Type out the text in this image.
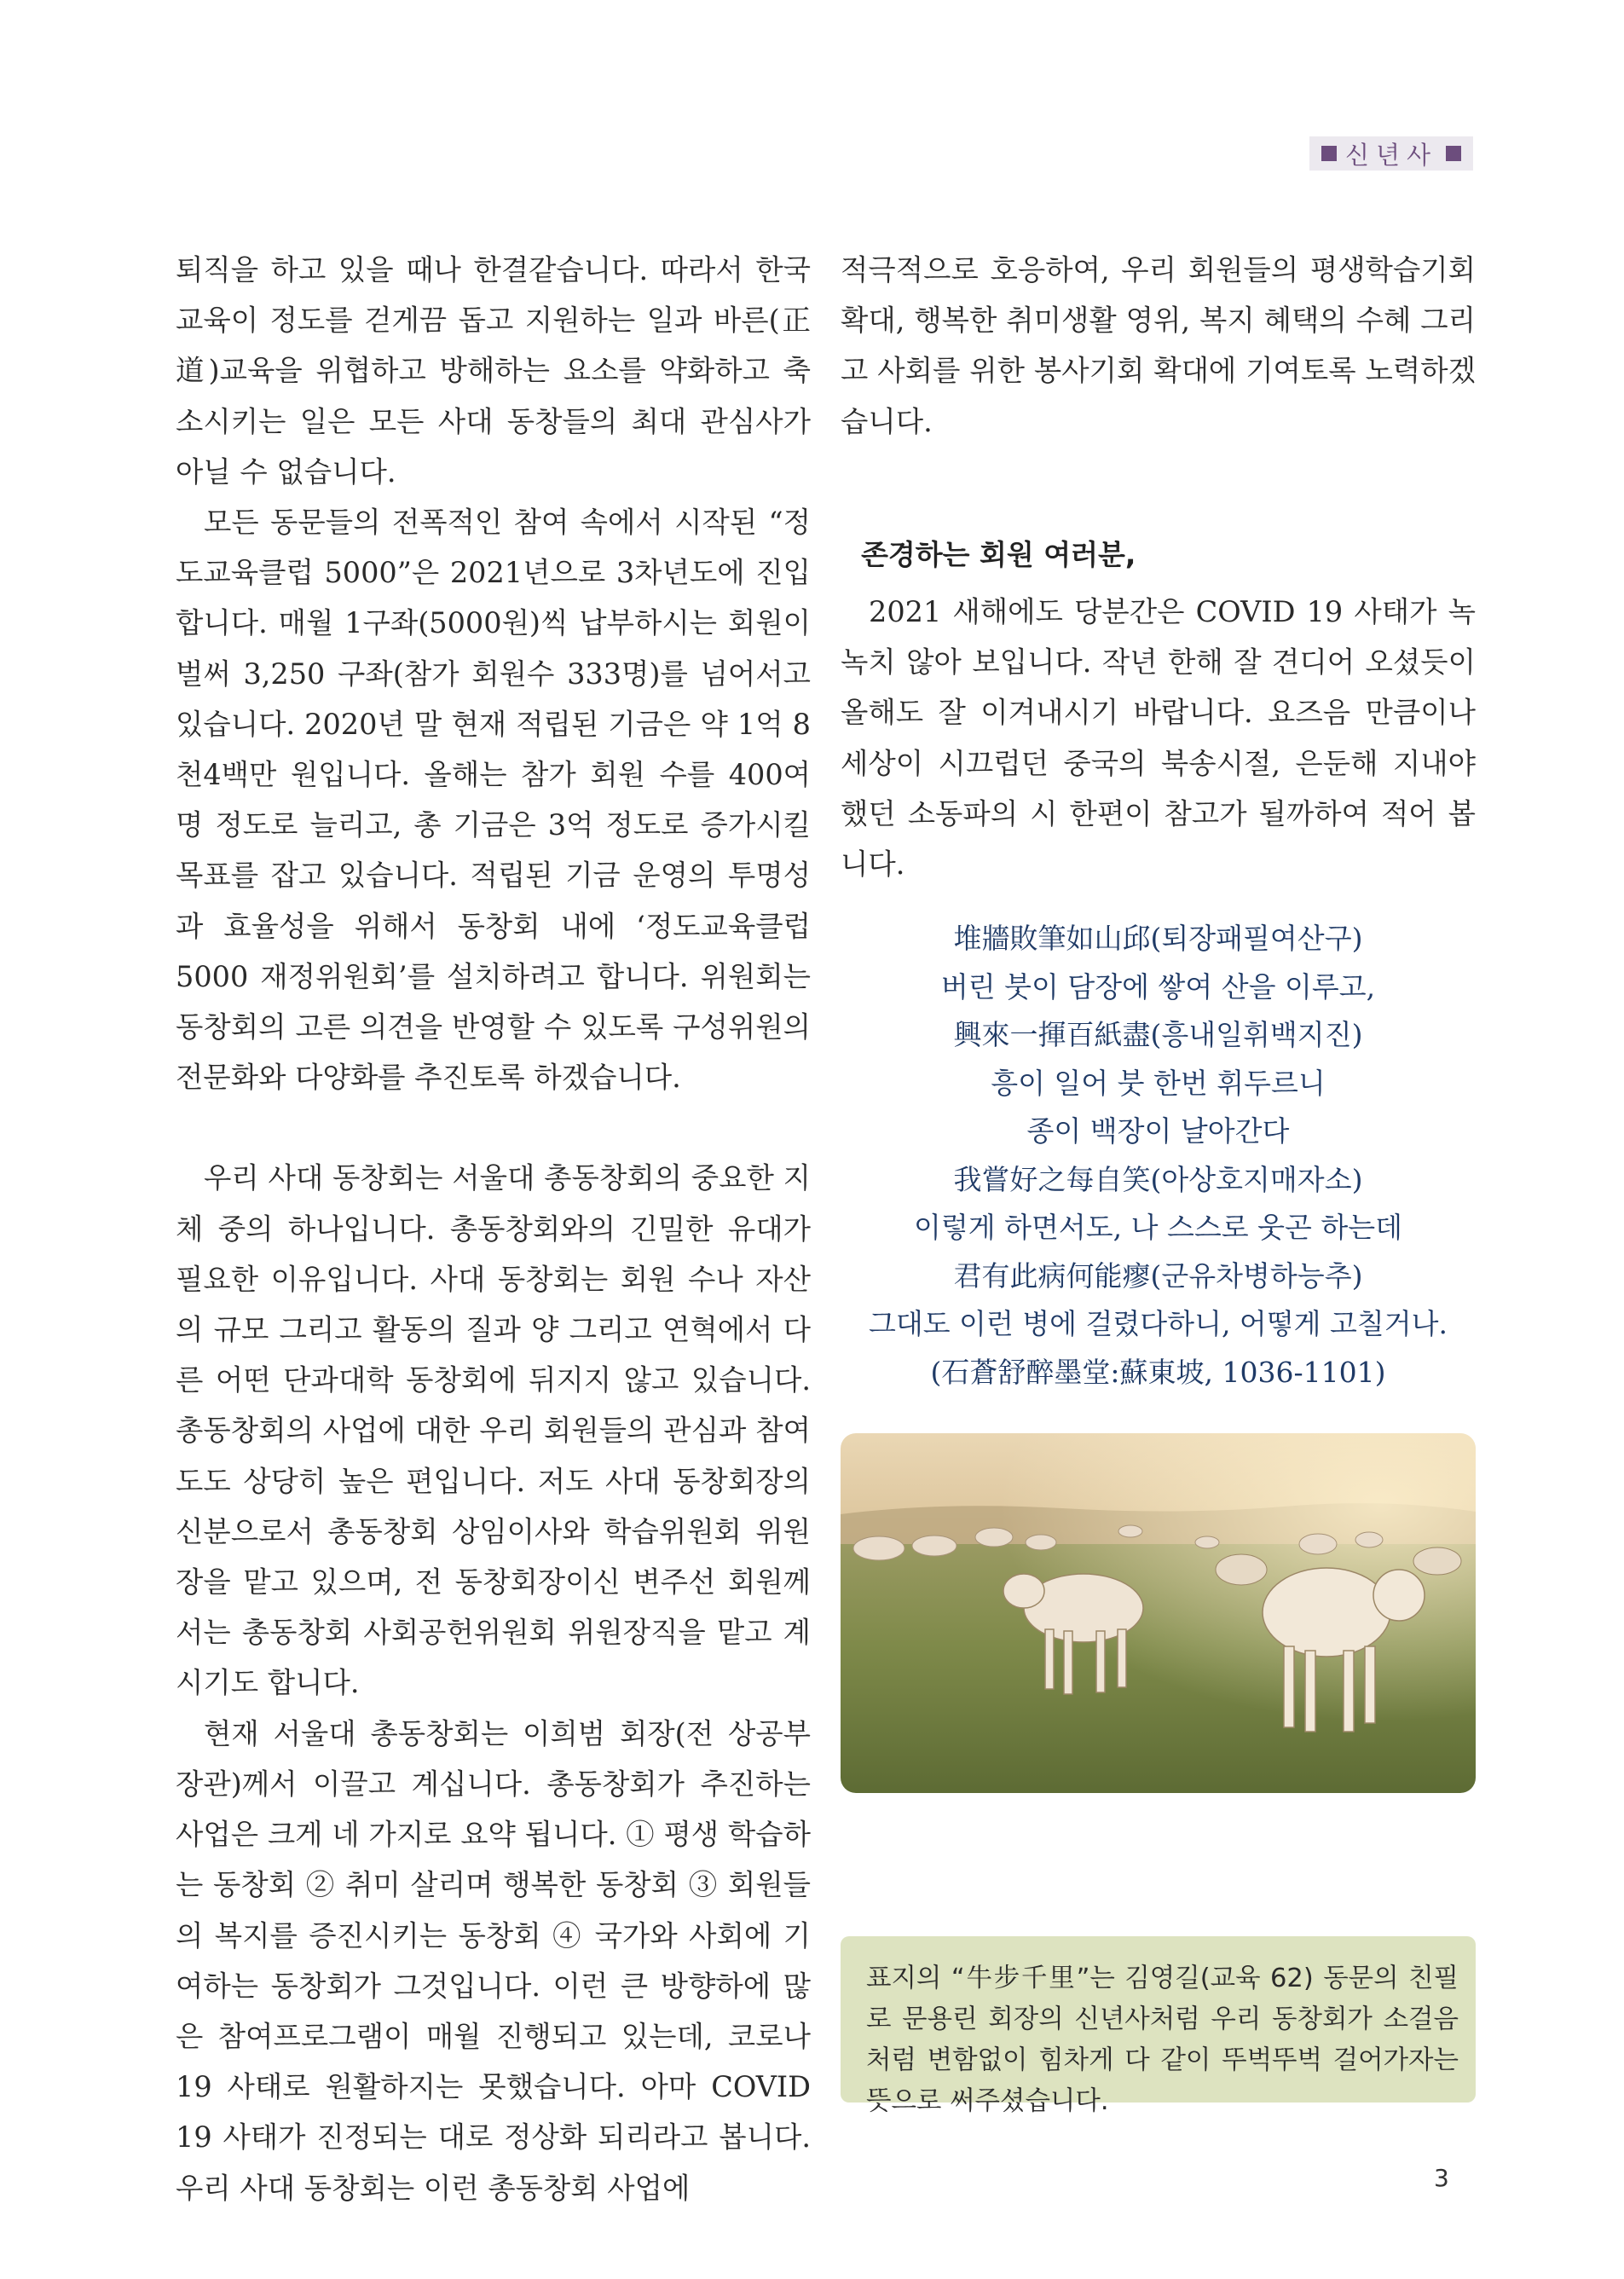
신년사

퇴직을 하고 있을 때나 한결같습니다. 따라서 한국 교육이 정도를 걷게끔 돕고 지원하는 일과 바른(正道)교육을 위협하고 방해하는 요소를 약화하고 축소시키는 일은 모든 사대 동창들의 최대 관심사가 아닐 수 없습니다.

모든 동문들의 전폭적인 참여 속에서 시작된 “정도교육클럽 5000”은 2021년으로 3차년도에 진입합니다. 매월 1구좌(5000원)씩 납부하시는 회원이 벌써 3,250 구좌(참가 회원수 333명)를 넘어서고 있습니다. 2020년 말 현재 적립된 기금은 약 1억 8천4백만 원입니다. 올해는 참가 회원 수를 400여 명 정도로 늘리고, 총 기금은 3억 정도로 증가시킬 목표를 잡고 있습니다. 적립된 기금 운영의 투명성과 효율성을 위해서 동창회 내에 ‘정도교육클럽 5000 재정위원회’를 설치하려고 합니다. 위원회는 동창회의 고른 의견을 반영할 수 있도록 구성위원의 전문화와 다양화를 추진토록 하겠습니다.

우리 사대 동창회는 서울대 총동창회의 중요한 지체 중의 하나입니다. 총동창회와의 긴밀한 유대가 필요한 이유입니다. 사대 동창회는 회원 수나 자산의 규모 그리고 활동의 질과 양 그리고 연혁에서 다른 어떤 단과대학 동창회에 뒤지지 않고 있습니다. 총동창회의 사업에 대한 우리 회원들의 관심과 참여도도 상당히 높은 편입니다. 저도 사대 동창회장의 신분으로서 총동창회 상임이사와 학습위원회 위원장을 맡고 있으며, 전 동창회장이신 변주선 회원께서는 총동창회 사회공헌위원회 위원장직을 맡고 계시기도 합니다.

현재 서울대 총동창회는 이희범 회장(전 상공부 장관)께서 이끌고 계십니다. 총동창회가 추진하는 사업은 크게 네 가지로 요약 됩니다. ① 평생 학습하는 동창회 ② 취미 살리며 행복한 동창회 ③ 회원들의 복지를 증진시키는 동창회 ④ 국가와 사회에 기여하는 동창회가 그것입니다. 이런 큰 방향하에 많은 참여프로그램이 매월 진행되고 있는데, 코로나 19 사태로 원활하지는 못했습니다. 아마 COVID 19 사태가 진정되는 대로 정상화 되리라고 봅니다. 우리 사대 동창회는 이런 총동창회 사업에

적극적으로 호응하여, 우리 회원들의 평생학습기회 확대, 행복한 취미생활 영위, 복지 혜택의 수혜 그리고 사회를 위한 봉사기회 확대에 기여토록 노력하겠습니다.

존경하는 회원 여러분,

2021 새해에도 당분간은 COVID 19 사태가 녹녹치 않아 보입니다. 작년 한해 잘 견디어 오셨듯이 올해도 잘 이겨내시기 바랍니다. 요즈음 만큼이나 세상이 시끄럽던 중국의 북송시절, 은둔해 지내야 했던 소동파의 시 한편이 참고가 될까하여 적어 봅니다.

堆牆敗筆如山邱(퇴장패필여산구)
버린 붓이 담장에 쌓여 산을 이루고,
興來一揮百紙盡(흥내일휘백지진)
흥이 일어 붓 한번 휘두르니
종이 백장이 날아간다
我嘗好之每自笑(아상호지매자소)
이렇게 하면서도, 나 스스로 웃곤 하는데
君有此病何能瘳(군유차병하능추)
그대도 이런 병에 걸렸다하니, 어떻게 고칠거나.
(石蒼舒醉墨堂:蘇東坡, 1036-1101)
표지의 “牛步千里”는 김영길(교육 62) 동문의 친필로 문용린 회장의 신년사처럼 우리 동창회가 소걸음처럼 변함없이 힘차게 다 같이 뚜벅뚜벅 걸어가자는 뜻으로 써주셨습니다.
3
